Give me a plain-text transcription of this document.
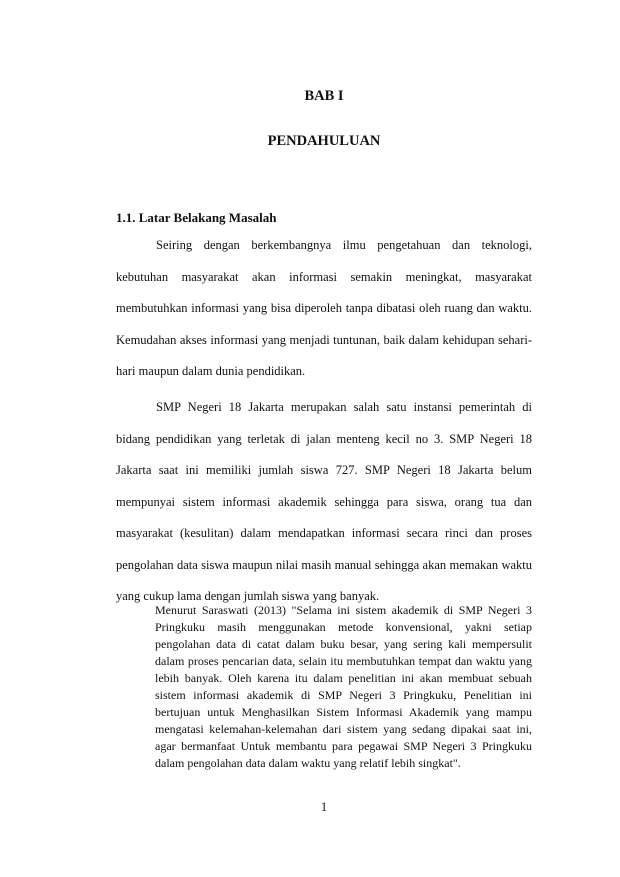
BAB I
PENDAHULUAN
1.1. Latar Belakang Masalah

Seiring dengan berkembangnya ilmu pengetahuan dan teknologi, kebutuhan masyarakat akan informasi semakin meningkat, masyarakat membutuhkan informasi yang bisa diperoleh tanpa dibatasi oleh ruang dan waktu. Kemudahan akses informasi yang menjadi tuntunan, baik dalam kehidupan sehari-hari maupun dalam dunia pendidikan.

SMP Negeri 18 Jakarta merupakan salah satu instansi pemerintah di bidang pendidikan yang terletak di jalan menteng kecil no 3. SMP Negeri 18 Jakarta saat ini memiliki jumlah siswa 727. SMP Negeri 18 Jakarta belum mempunyai sistem informasi akademik sehingga para siswa, orang tua dan masyarakat (kesulitan) dalam mendapatkan informasi secara rinci dan proses pengolahan data siswa maupun nilai masih manual sehingga akan memakan waktu yang cukup lama dengan jumlah siswa yang banyak.

Menurut Saraswati (2013) "Selama ini sistem akademik di SMP Negeri 3 Pringkuku masih menggunakan metode konvensional, yakni setiap pengolahan data di catat dalam buku besar, yang sering kali mempersulit dalam proses pencarian data, selain itu membutuhkan tempat dan waktu yang lebih banyak. Oleh karena itu dalam penelitian ini akan membuat sebuah sistem informasi akademik di SMP Negeri 3 Pringkuku, Penelitian ini bertujuan untuk Menghasilkan Sistem Informasi Akademik yang mampu mengatasi kelemahan-kelemahan dari sistem yang sedang dipakai saat ini, agar bermanfaat Untuk membantu para pegawai SMP Negeri 3 Pringkuku dalam pengolahan data dalam waktu yang relatif lebih singkat".

1
